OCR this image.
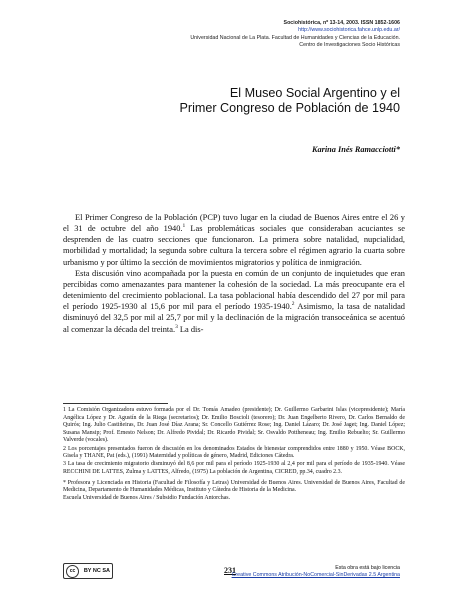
Sociohistórica, nº 13-14, 2003. ISSN 1852-1606
http://www.sociohistorica.fahce.unlp.edu.ar/
Universidad Nacional de La Plata. Facultad de Humanidades y Ciencias de la Educación.
Centro de Investigaciones Socio Históricas
El Museo Social Argentino y el
Primer Congreso de Población de 1940
Karina Inés Ramacciotti*

El Primer Congreso de la Población (PCP) tuvo lugar en la ciudad de Buenos Aires entre el 26 y el 31 de octubre del año 1940.$^1$ Las problemáticas sociales que consideraban acuciantes se desprenden de las cuatro secciones que funcionaron. La primera sobre natalidad, nupcialidad, morbilidad y mortalidad; la segunda sobre cultura la tercera sobre el régimen agrario la cuarta sobre urbanismo y por último la sección de movimientos migratorios y política de inmigración.

Esta discusión vino acompañada por la puesta en común de un conjunto de inquietudes que eran percibidas como amenazantes para mantener la cohesión de la sociedad. La más preocupante era el detenimiento del crecimiento poblacional. La tasa poblacional había descendido del 27 por mil para el período 1925-1930 al 15,6 por mil para el período 1935-1940.$^2$ Asimismo, la tasa de natalidad disminuyó del 32,5 por mil al 25,7 por mil y la declinación de la migración transoceánica se acentuó al comenzar la década del treinta.$^3$ La dis-

1 La Comisión Organizadora estuvo formada por el Dr. Tomás Amadeo (presidente); Dr. Guillermo Garbarini Islas (vicepresidente); María Angélica López y Dr. Agustín de la Riega (secretarios); Dr. Emilio Boscioli (tesorero); Dr. Juan Engelberto Rivero, Dr. Carlos Bernaldo de Quirós; Ing. Julio Castiñeiras, Dr. Juan José Díaz Arana; Sr. Concello Gutiérrez Rose; Ing. Daniel Lázaro; Dr. José Jaget; Ing. Daniel López; Susana Mansip; Prof. Ernesto Nelson; Dr. Alfredo Pividal; Dr. Ricardo Pividal; Sr. Osvaldo Pottheneau; Ing. Emilio Rebuelto; Sr. Guillermo Valverde (vocales).

2 Los porcentajes presentados fueron de discusión en los denominados Estados de bienestar comprendidos entre 1880 y 1950. Véase BOCK, Gisela y THANE, Pat (eds.), (1991) Maternidad y políticas de género, Madrid, Ediciones Cátedra.

3 La tasa de crecimiento migratorio disminuyó del 8,6 por mil para el período 1925-1930 al 2,4 por mil para el período de 1935-1940. Véase RECCHINI DE LATTES, Zulma y LATTES, Alfredo, (1975) La población de Argentina, CICRED, pp.34, cuadro 2.3.

* Profesora y Licenciada en Historia (Facultad de Filosofía y Letras) Universidad de Buenos Aires. Universidad de Buenos Aires, Facultad de Medicina, Departamento de Humanidades Médicas, Instituto y Cátedra de Historia de la Medicina.

Escuela Universidad de Buenos Aires / Subsidio Fundación Antorchas.

cc	BY NC SA	231	Esta obra está bajo licencia
Creative Commons Atribución-NoComercial-SinDerivadas 2.5 Argentina
